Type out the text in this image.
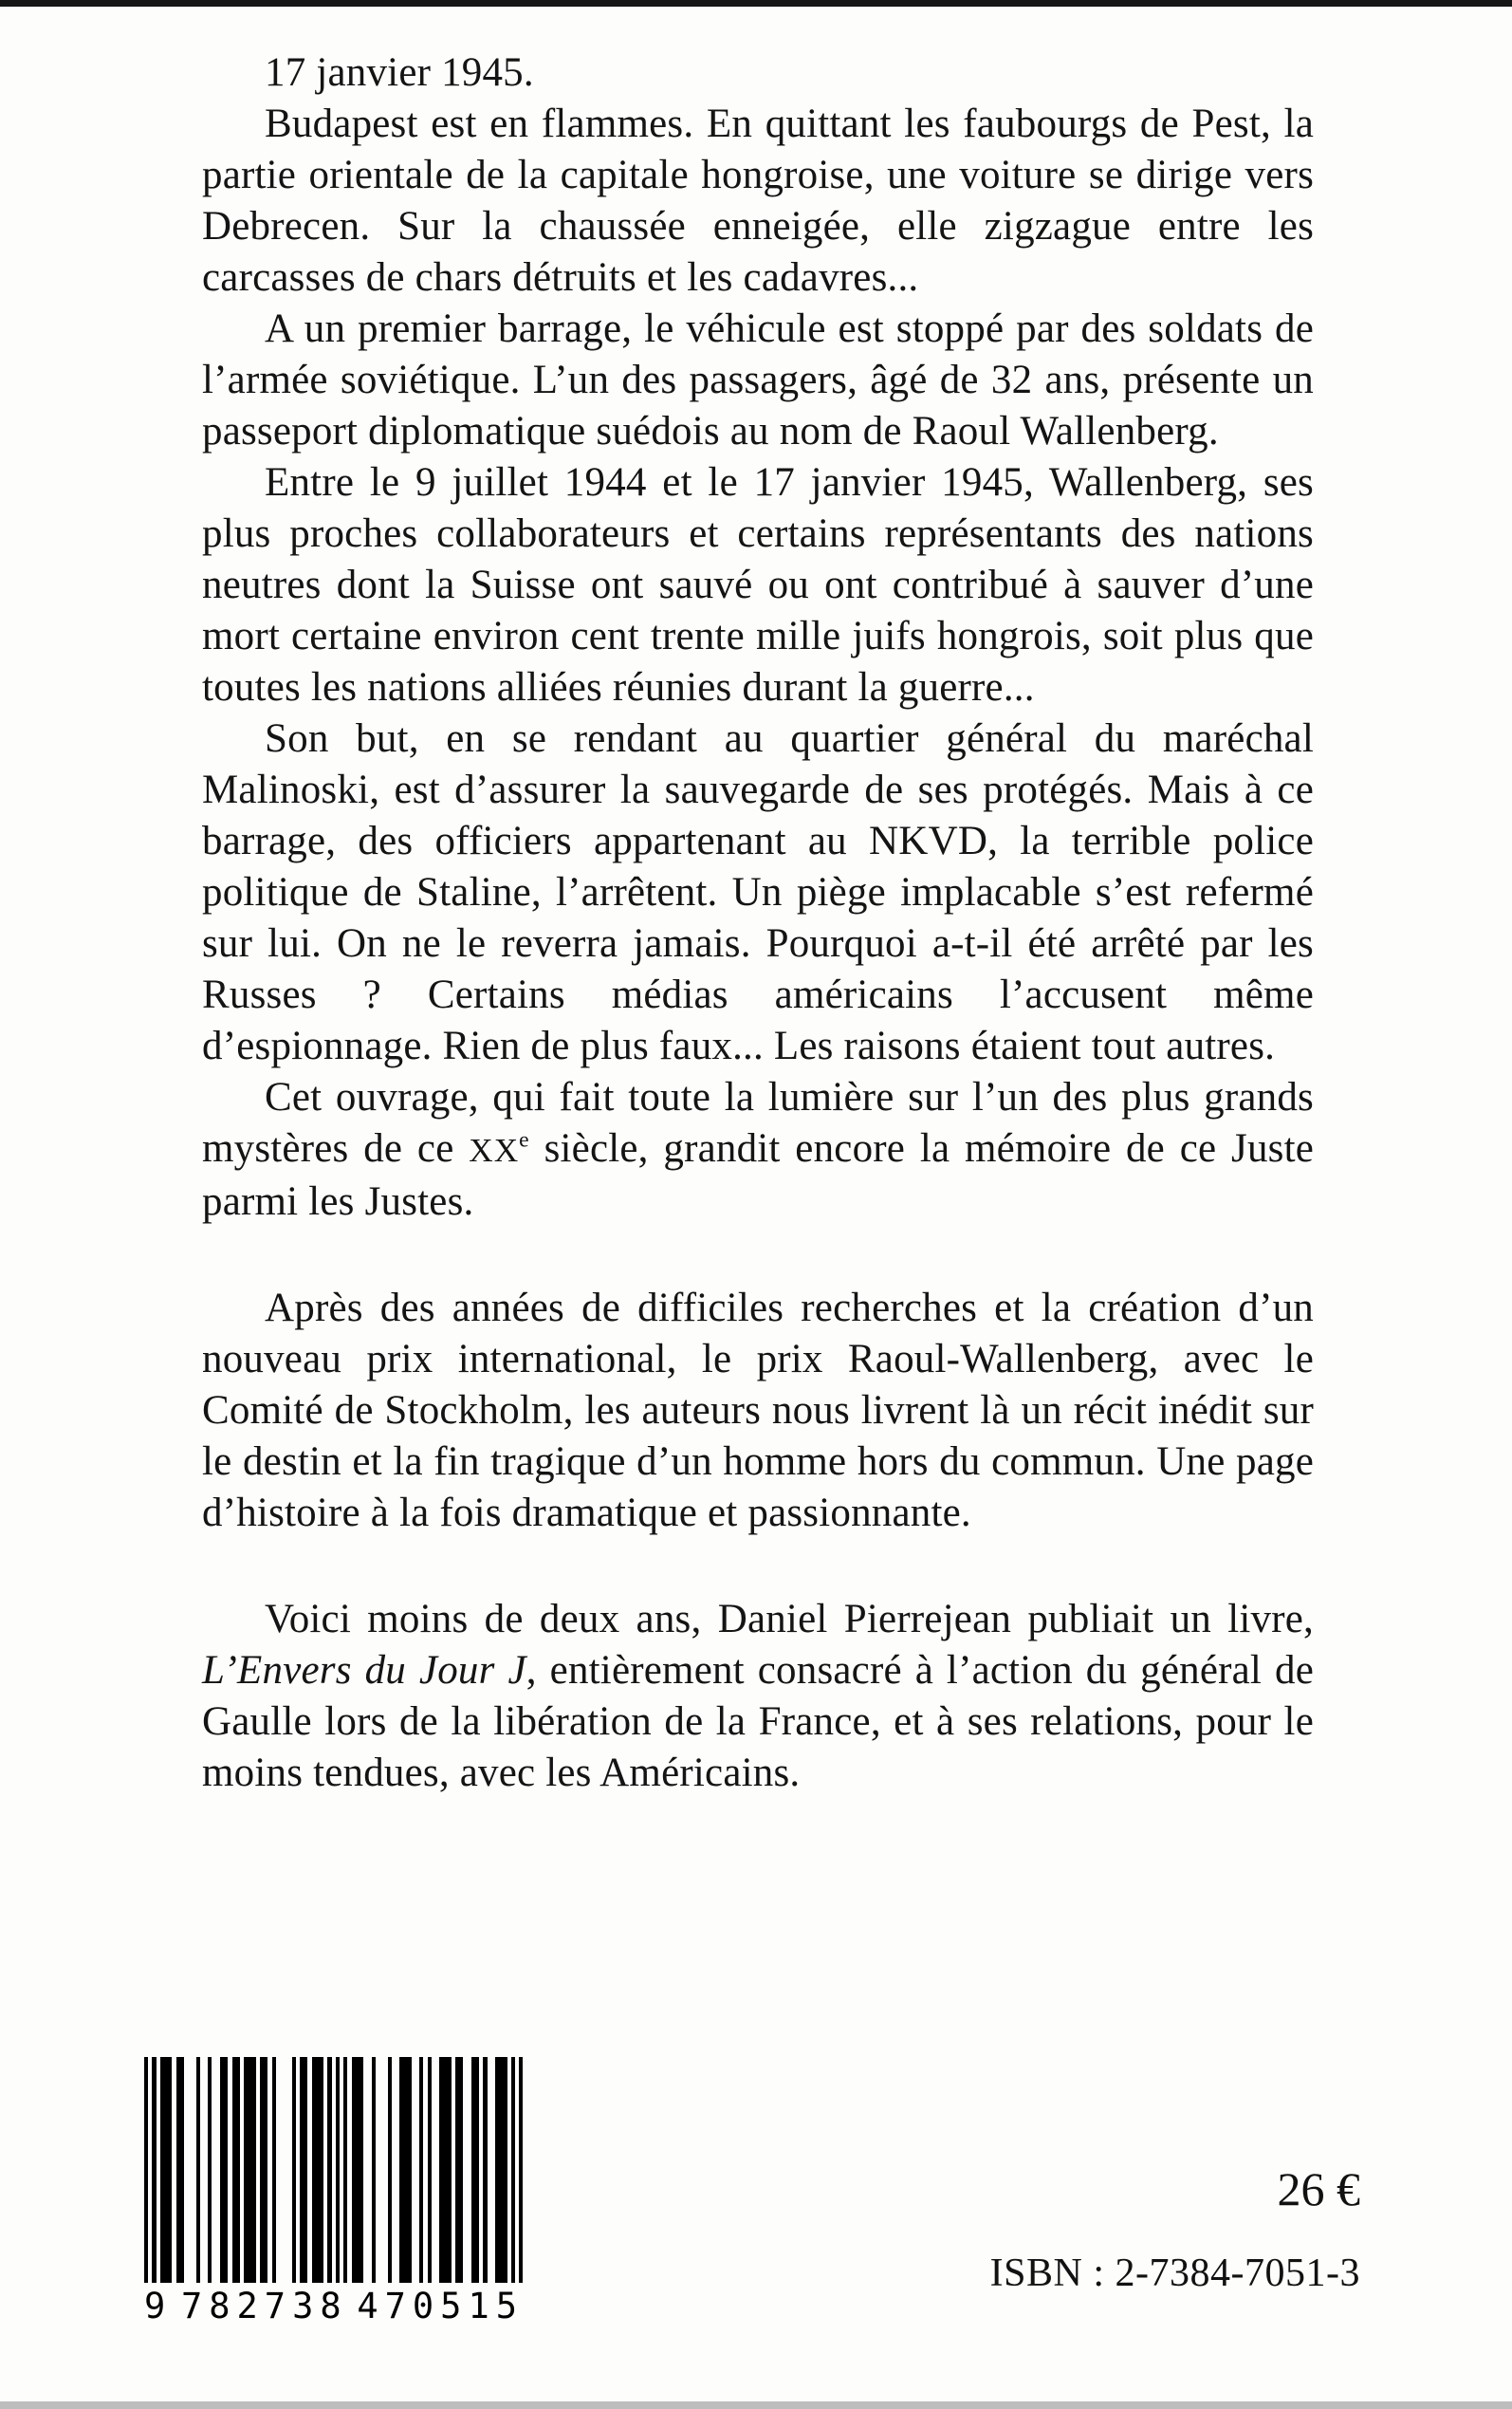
17 janvier 1945.

Budapest est en flammes. En quittant les faubourgs de Pest, la partie orientale de la capitale hongroise, une voiture se dirige vers Debrecen. Sur la chaussée enneigée, elle zigzague entre les carcasses de chars détruits et les cadavres...

A un premier barrage, le véhicule est stoppé par des soldats de l’armée soviétique. L’un des passagers, âgé de 32 ans, présente un passeport diplomatique suédois au nom de Raoul Wallenberg.

Entre le 9 juillet 1944 et le 17 janvier 1945, Wallenberg, ses plus proches collaborateurs et certains représentants des nations neutres dont la Suisse ont sauvé ou ont contribué à sauver d’une mort certaine environ cent trente mille juifs hongrois, soit plus que toutes les nations alliées réunies durant la guerre...

Son but, en se rendant au quartier général du maréchal Malinoski, est d’assurer la sauvegarde de ses protégés. Mais à ce barrage, des officiers appartenant au NKVD, la terrible police politique de Staline, l’arrêtent. Un piège implacable s’est refermé sur lui. On ne le reverra jamais. Pourquoi a-t-il été arrêté par les Russes ? Certains médias américains l’accusent même d’espionnage. Rien de plus faux... Les raisons étaient tout autres.

Cet ouvrage, qui fait toute la lumière sur l’un des plus grands mystères de ce XXe siècle, grandit encore la mémoire de ce Juste parmi les Justes.

Après des années de difficiles recherches et la création d’un nouveau prix international, le prix Raoul-Wallenberg, avec le Comité de Stockholm, les auteurs nous livrent là un récit inédit sur le destin et la fin tragique d’un homme hors du commun. Une page d’histoire à la fois dramatique et passionnante.

Voici moins de deux ans, Daniel Pierrejean publiait un livre, L’Envers du Jour J, entièrement consacré à l’action du général de Gaulle lors de la libération de la France, et à ses relations, pour le moins tendues, avec les Américains.

9 782738 470515
26 €
ISBN : 2-7384-7051-3
